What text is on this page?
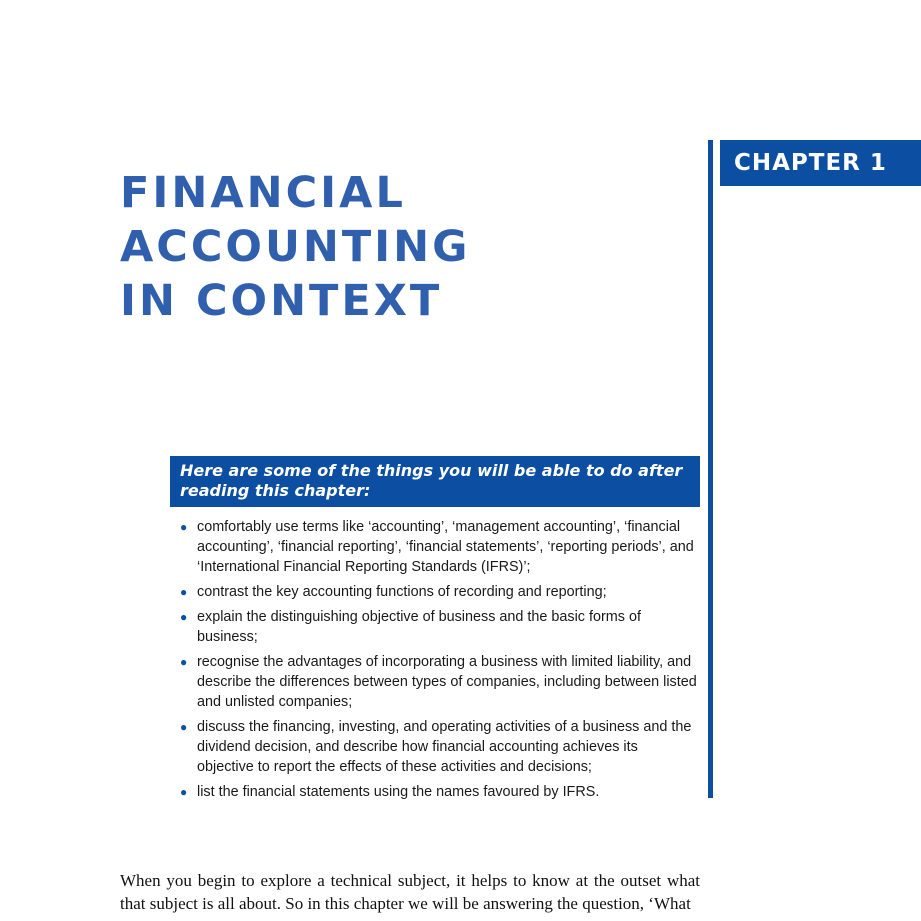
CHAPTER 1
FINANCIAL
ACCOUNTING
IN CONTEXT
Here are some of the things you will be able to do after reading this chapter:
● comfortably use terms like ‘accounting’, ‘management accounting’, ‘financial accounting’, ‘financial reporting’, ‘financial statements’, ‘reporting periods’, and ‘International Financial Reporting Standards (IFRS)’;
● contrast the key accounting functions of recording and reporting;
● explain the distinguishing objective of business and the basic forms of business;
● recognise the advantages of incorporating a business with limited liability, and describe the differences between types of companies, including between listed and unlisted companies;
● discuss the financing, investing, and operating activities of a business and the dividend decision, and describe how financial accounting achieves its objective to report the effects of these activities and decisions;
● list the financial statements using the names favoured by IFRS.

When you begin to explore a technical subject, it helps to know at the outset what that subject is all about. So in this chapter we will be answering the question, ‘What
